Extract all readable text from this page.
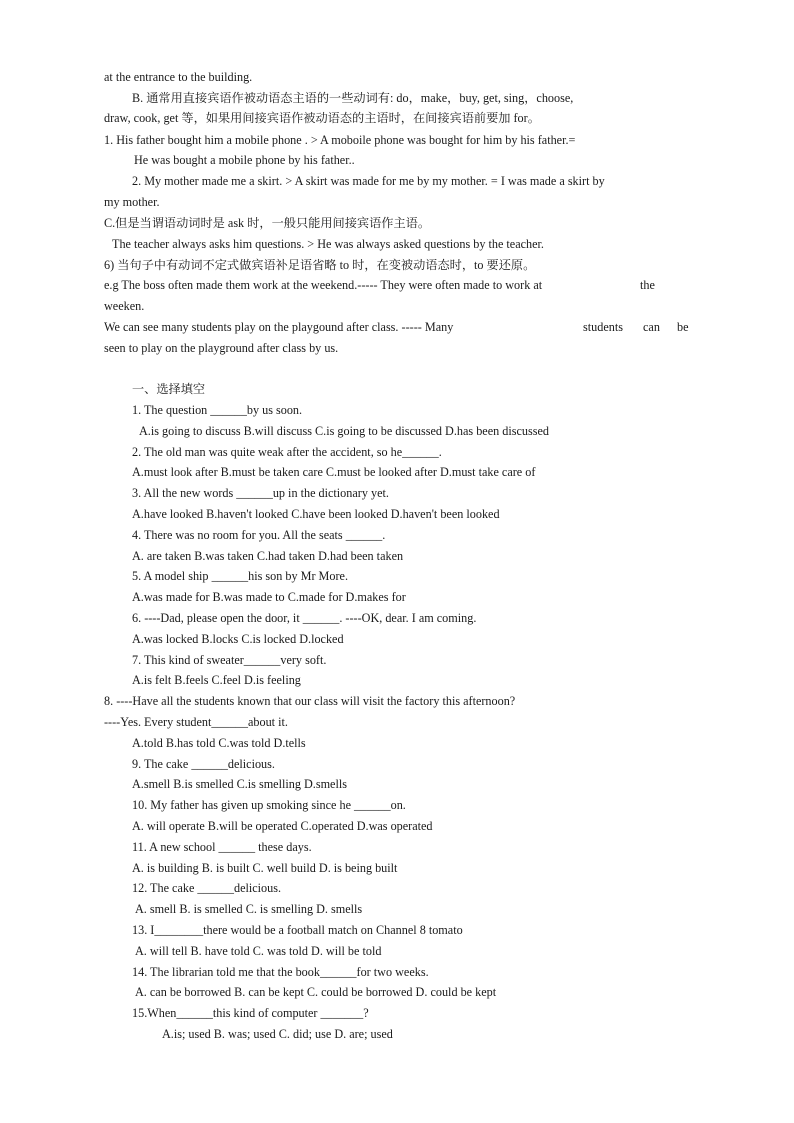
at the entrance to the building.
B. 通常用直接宾语作被动语态主语的一些动词有: do，make，buy, get, sing，choose,
draw, cook, get 等，如果用间接宾语作被动语态的主语时，在间接宾语前要加 for。
1. His father bought him a mobile phone . > A moboile phone was bought for him by his father.=
He was bought a mobile phone by his father..
2. My mother made me a skirt. > A skirt was made for me by my mother. = I was made a skirt by
my mother.
C.但是当谓语动词时是 ask 时，一般只能用间接宾语作主语。
The teacher always asks him questions. > He was always asked questions by the teacher.
6) 当句子中有动词不定式做宾语补足语省略 to 时，在变被动语态时，to 要还原。
e.g The boss often made them work at the weekend.----- They were often made to work at	the
weeken.
We can see many students play on the playgound after class. ----- Many	students can be
seen to play on the playground after class by us.
一、选择填空
1. The question ______by us soon.
A.is going to discuss B.will discuss C.is going to be discussed D.has been discussed
2. The old man was quite weak after the accident, so he______.
A.must look after B.must be taken care C.must be looked after D.must take care of
3. All the new words ______up in the dictionary yet.
A.have looked B.haven't looked C.have been looked D.haven't been looked
4. There was no room for you. All the seats ______.
A. are taken B.was taken C.had taken D.had been taken
5. A model ship ______his son by Mr More.
A.was made for B.was made to C.made for D.makes for
6. ----Dad, please open the door, it ______. ----OK, dear. I am coming.
A.was locked B.locks C.is locked D.locked
7. This kind of sweater______very soft.
A.is felt B.feels C.feel D.is feeling
8. ----Have all the students known that our class will visit the factory this afternoon?
----Yes. Every student______about it.
A.told B.has told C.was told D.tells
9. The cake ______delicious.
A.smell B.is smelled C.is smelling D.smells
10. My father has given up smoking since he ______on.
A. will operate B.will be operated C.operated D.was operated
11. A new school ______ these days.
A. is building B. is built C. well build D. is being built
12. The cake ______delicious.
A. smell B. is smelled C. is smelling D. smells
13. I________there would be a football match on Channel 8 tomato
A. will tell B. have told C. was told D. will be told
14. The librarian told me that the book______for two weeks.
A. can be borrowed B. can be kept C. could be borrowed D. could be kept
15.When______this kind of computer _______?
A.is; used B. was; used C. did; use D. are; used
